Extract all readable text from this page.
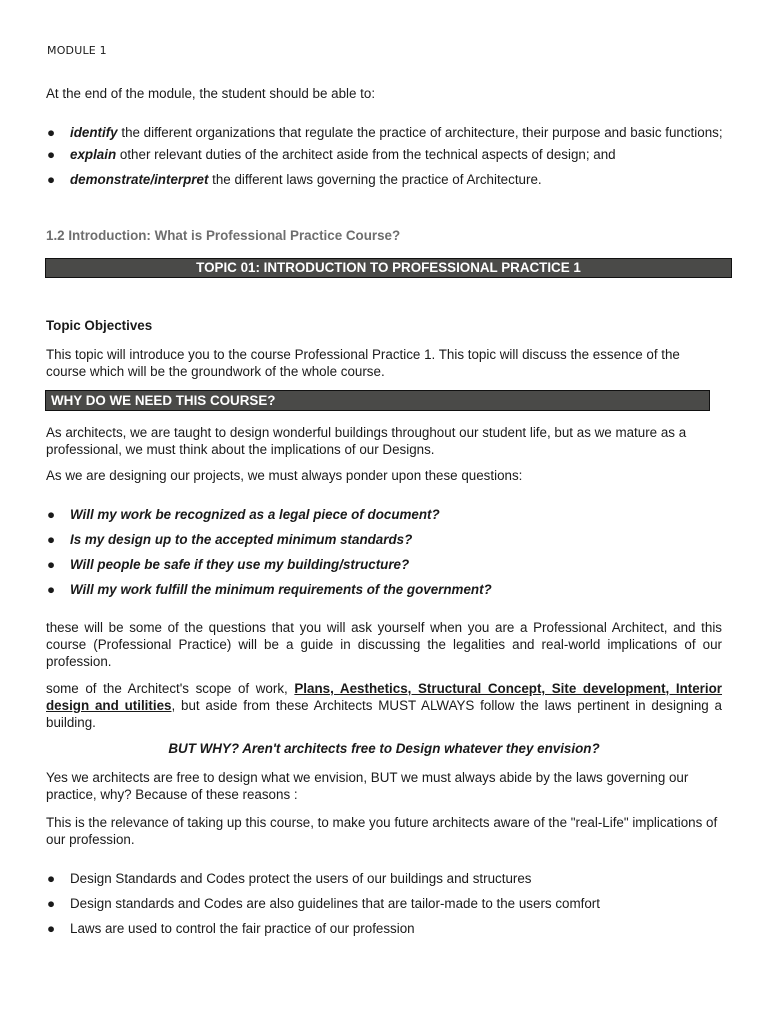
MODULE 1
At the end of the module, the student should be able to:
● identify the different organizations that regulate the practice of architecture, their purpose and basic functions;
● explain other relevant duties of the architect aside from the technical aspects of design; and
● demonstrate/interpret the different laws governing the practice of Architecture.
1.2 Introduction: What is Professional Practice Course?
TOPIC 01: INTRODUCTION TO PROFESSIONAL PRACTICE 1
Topic Objectives
This topic will introduce you to the course Professional Practice 1. This topic will discuss the essence of the course which will be the groundwork of the whole course.
WHY DO WE NEED THIS COURSE?
As architects, we are taught to design wonderful buildings throughout our student life, but as we mature as a professional, we must think about the implications of our Designs.
As we are designing our projects, we must always ponder upon these questions:
● Will my work be recognized as a legal piece of document?
● Is my design up to the accepted minimum standards?
● Will people be safe if they use my building/structure?
● Will my work fulfill the minimum requirements of the government?
these will be some of the questions that you will ask yourself when you are a Professional Architect, and this course (Professional Practice) will be a guide in discussing the legalities and real-world implications of our profession.
some of the Architect's scope of work, Plans, Aesthetics, Structural Concept, Site development, Interior design and utilities, but aside from these Architects MUST ALWAYS follow the laws pertinent in designing a building.
BUT WHY? Aren't architects free to Design whatever they envision?
Yes we architects are free to design what we envision, BUT we must always abide by the laws governing our practice, why? Because of these reasons :
This is the relevance of taking up this course, to make you future architects aware of the "real-Life" implications of our profession.
● Design Standards and Codes protect the users of our buildings and structures
● Design standards and Codes are also guidelines that are tailor-made to the users comfort
● Laws are used to control the fair practice of our profession
